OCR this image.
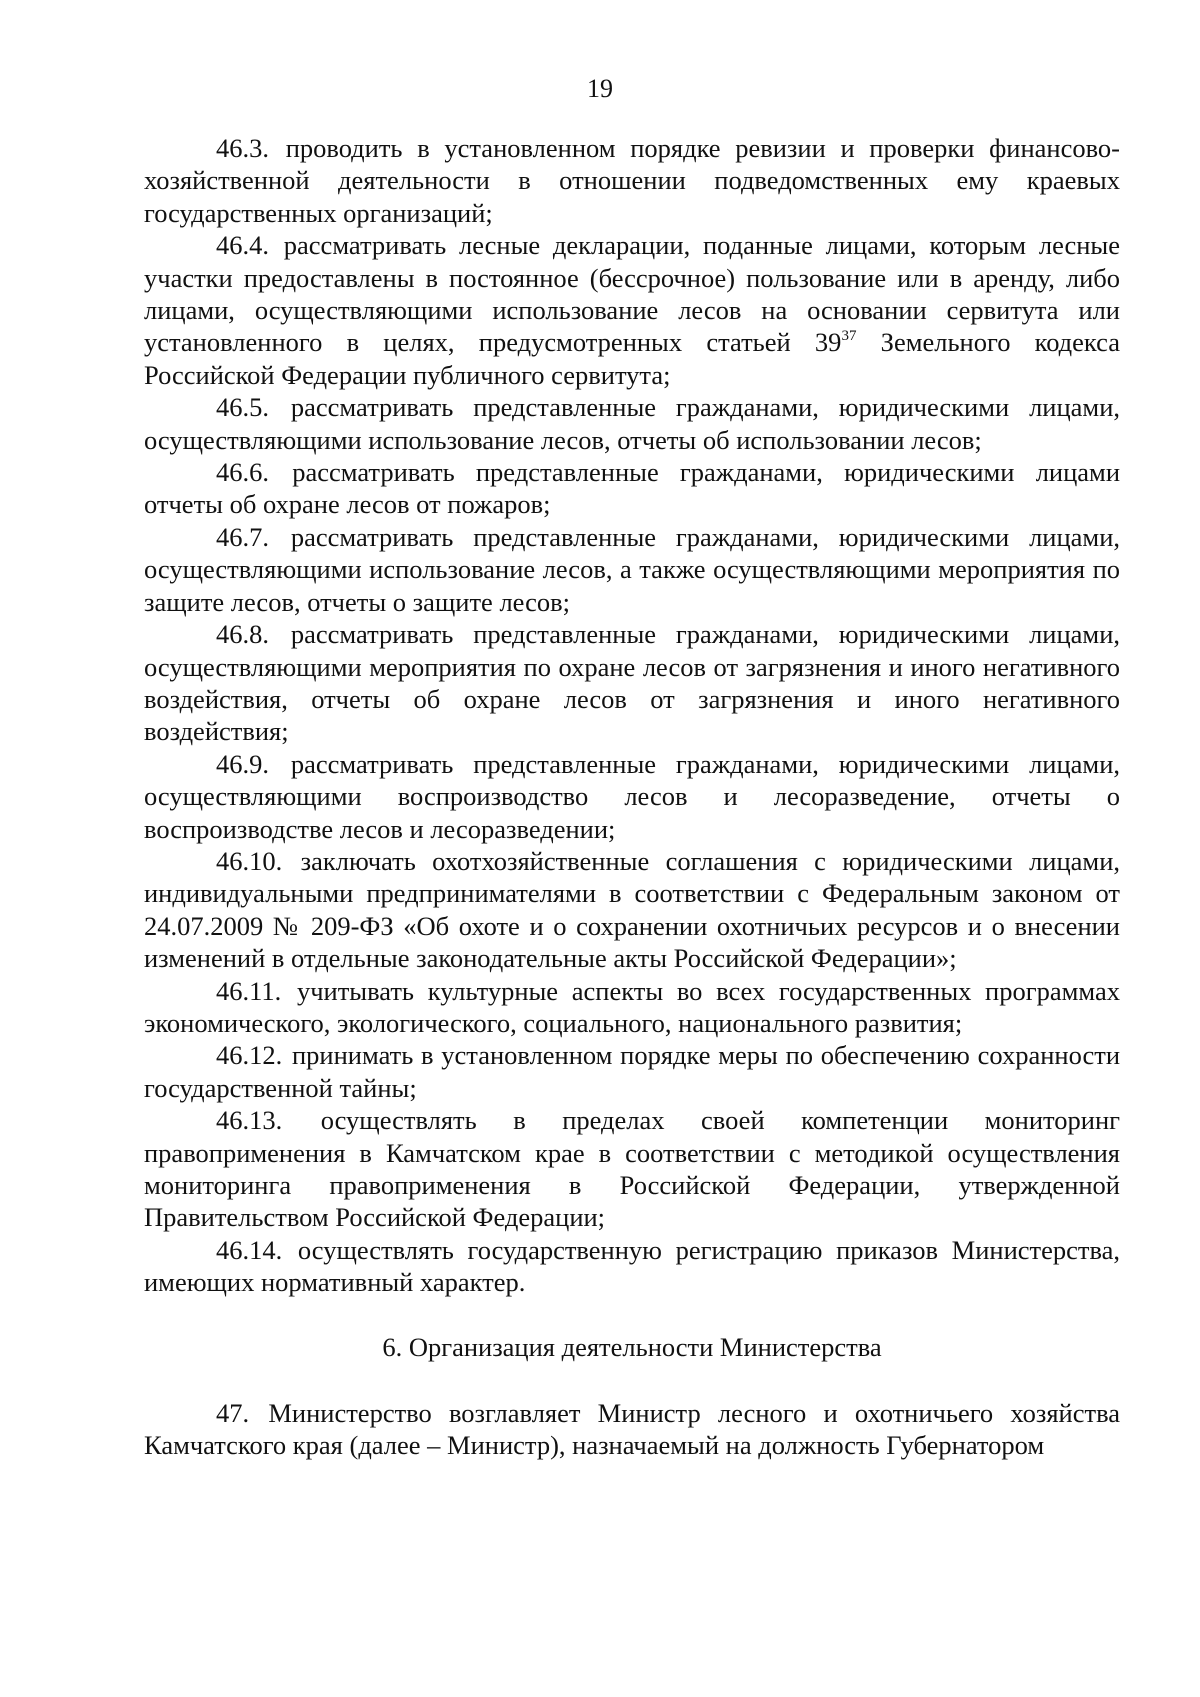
19

46.3. проводить в установленном порядке ревизии и проверки финансово-хозяйственной деятельности в отношении подведомственных ему краевых государственных организаций;

46.4. рассматривать лесные декларации, поданные лицами, которым лесные участки предоставлены в постоянное (бессрочное) пользование или в аренду, либо лицами, осуществляющими использование лесов на основании сервитута или установленного в целях, предусмотренных статьей $39^{37}$ Земельного кодекса Российской Федерации публичного сервитута;

46.5. рассматривать представленные гражданами, юридическими лицами, осуществляющими использование лесов, отчеты об использовании лесов;

46.6. рассматривать представленные гражданами, юридическими лицами отчеты об охране лесов от пожаров;

46.7. рассматривать представленные гражданами, юридическими лицами, осуществляющими использование лесов, а также осуществляющими мероприятия по защите лесов, отчеты о защите лесов;

46.8. рассматривать представленные гражданами, юридическими лицами, осуществляющими мероприятия по охране лесов от загрязнения и иного негативного воздействия, отчеты об охране лесов от загрязнения и иного негативного воздействия;

46.9. рассматривать представленные гражданами, юридическими лицами, осуществляющими воспроизводство лесов и лесоразведение, отчеты о воспроизводстве лесов и лесоразведении;

46.10. заключать охотхозяйственные соглашения с юридическими лицами, индивидуальными предпринимателями в соответствии с Федеральным законом от 24.07.2009 № 209-ФЗ «Об охоте и о сохранении охотничьих ресурсов и о внесении изменений в отдельные законодательные акты Российской Федерации»;

46.11. учитывать культурные аспекты во всех государственных программах экономического, экологического, социального, национального развития;

46.12. принимать в установленном порядке меры по обеспечению сохранности государственной тайны;

46.13. осуществлять в пределах своей компетенции мониторинг правоприменения в Камчатском крае в соответствии с методикой осуществления мониторинга правоприменения в Российской Федерации, утвержденной Правительством Российской Федерации;

46.14. осуществлять государственную регистрацию приказов Министерства, имеющих нормативный характер.

6. Организация деятельности Министерства

47. Министерство возглавляет Министр лесного и охотничьего хозяйства Камчатского края (далее – Министр), назначаемый на должность Губернатором
